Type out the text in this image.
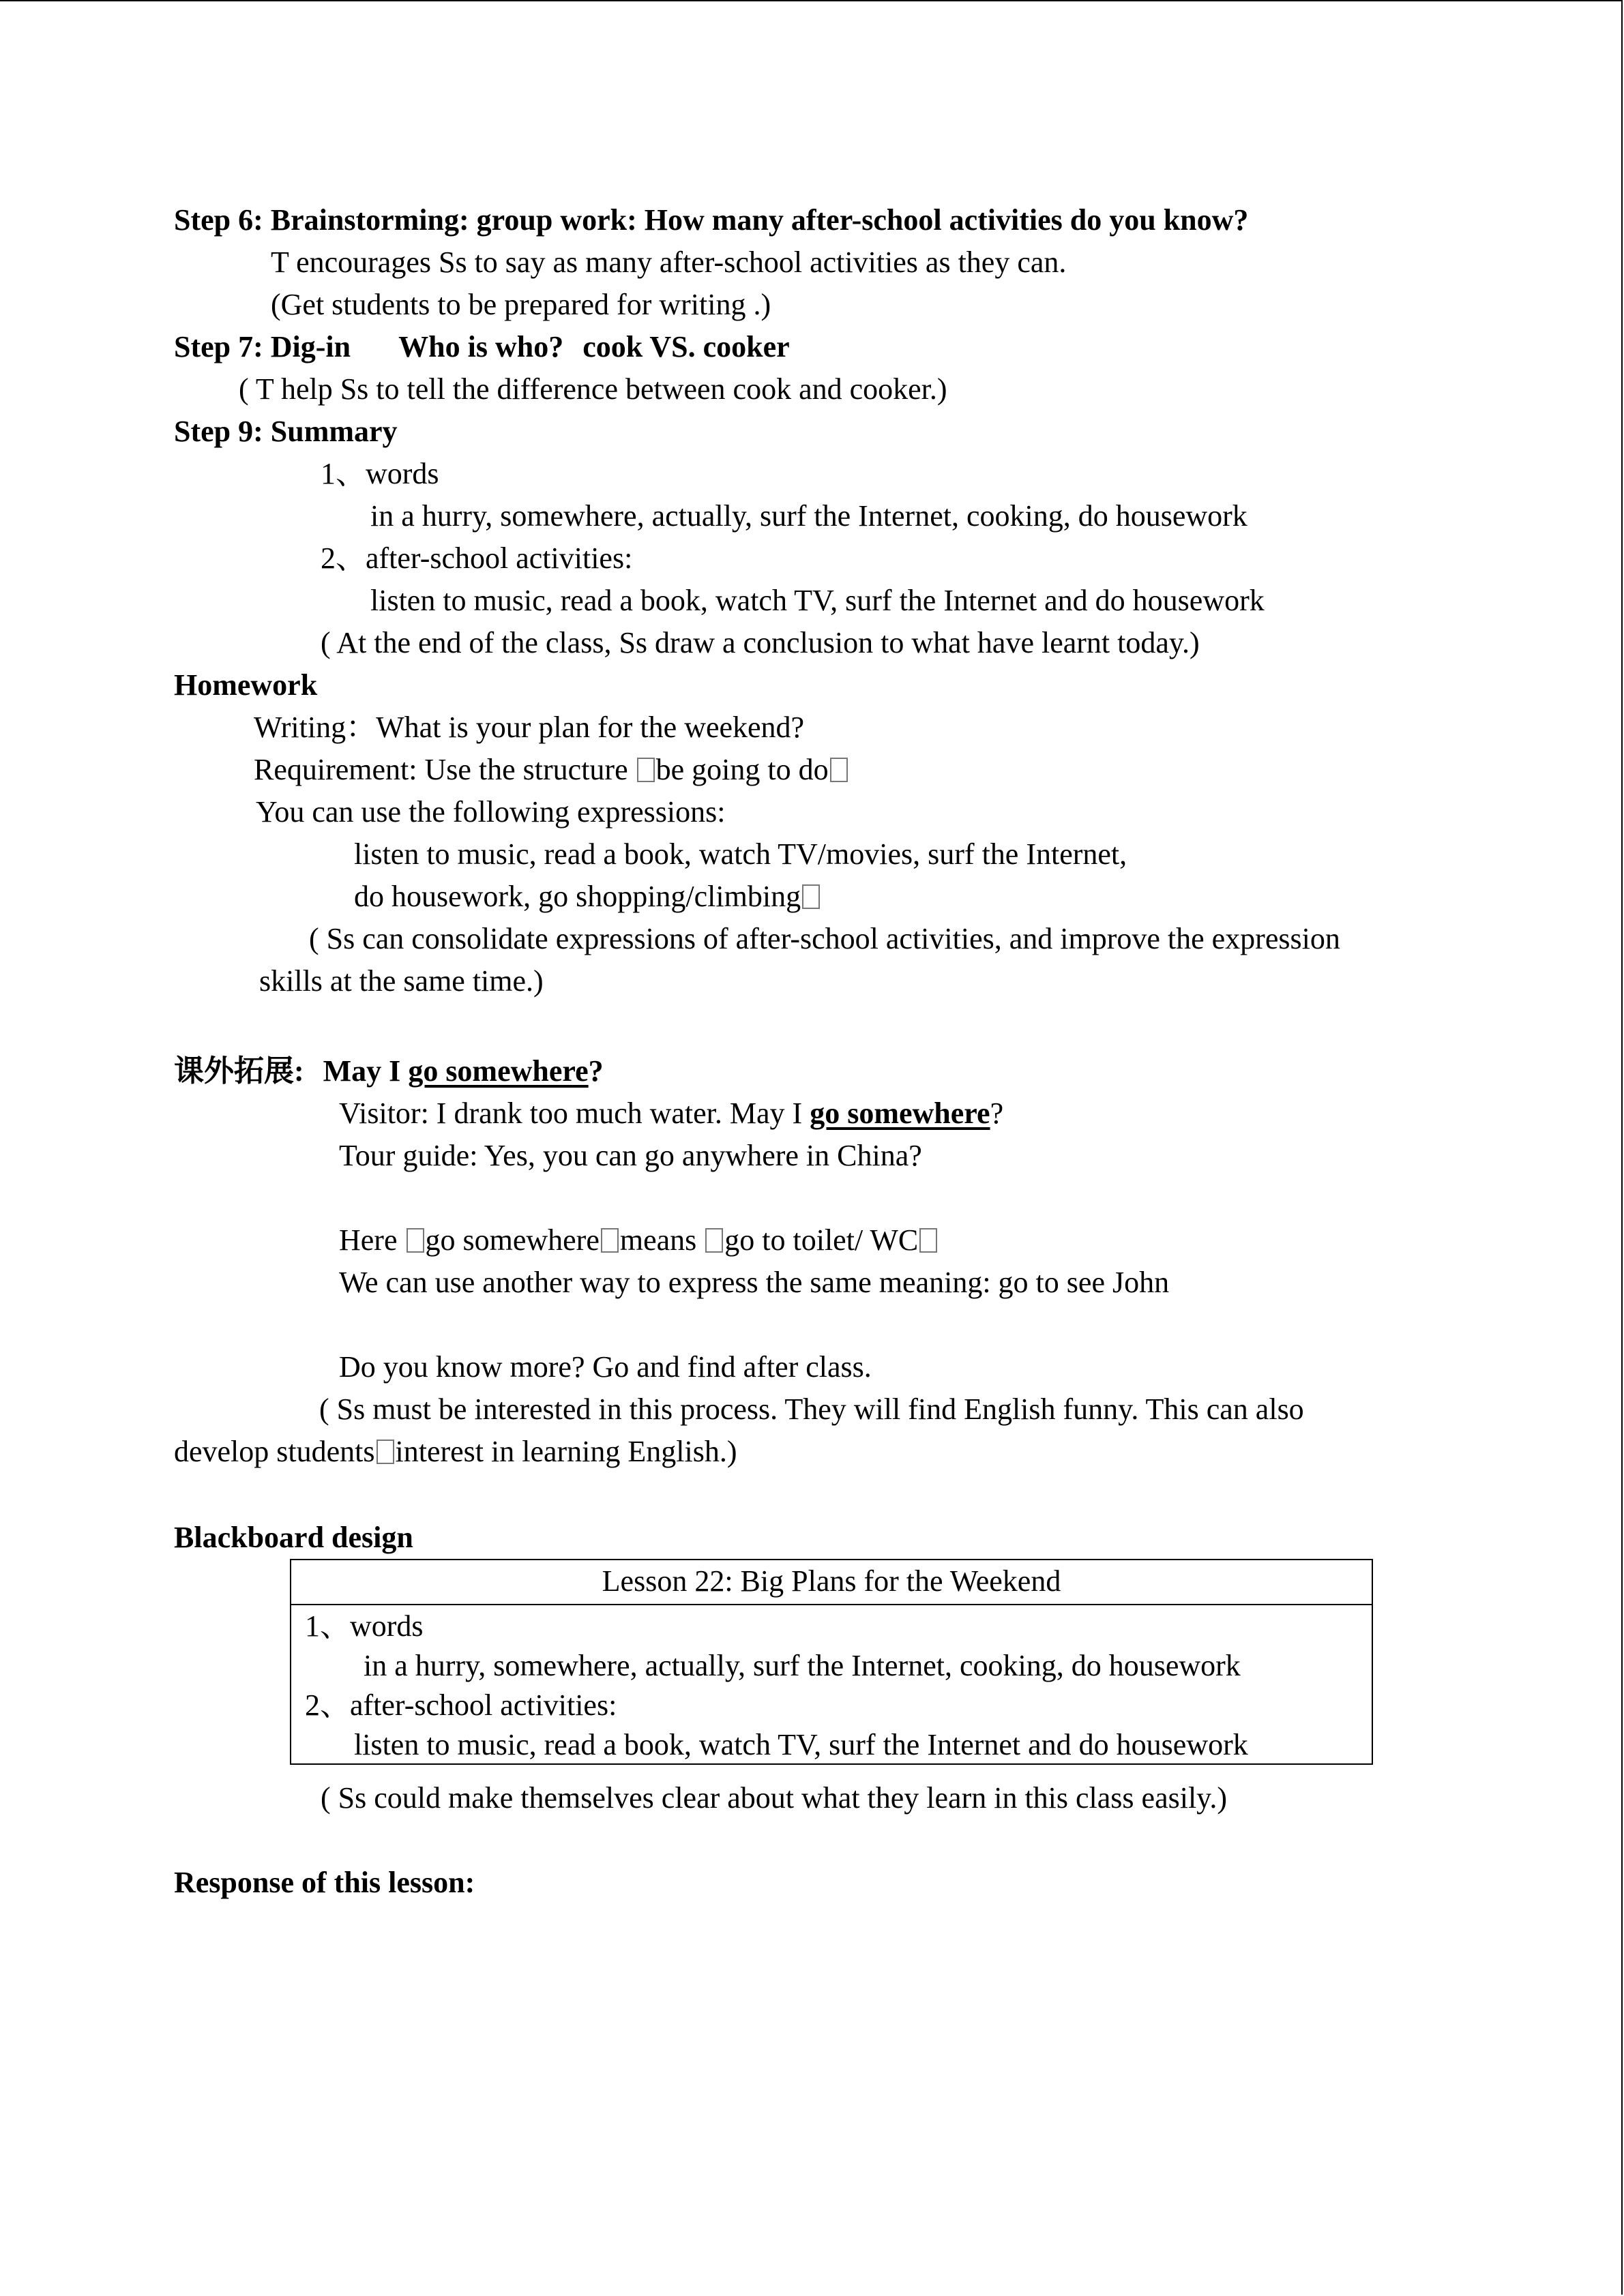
Step 6: Brainstorming: group work: How many after-school activities do you know?
T encourages Ss to say as many after-school activities as they can.
(Get students to be prepared for writing .)
Step 7: Dig-in Who is who? cook VS. cooker
( T help Ss to tell the difference between cook and cooker.)
Step 9: Summary
1、words
in a hurry, somewhere, actually, surf the Internet, cooking, do housework
2、after-school activities:
listen to music, read a book, watch TV, surf the Internet and do housework
( At the end of the class, Ss draw a conclusion to what have learnt today.)
Homework
Writing：What is your plan for the weekend?
Requirement: Use the structure be going to do
You can use the following expressions:
listen to music, read a book, watch TV/movies, surf the Internet,
do housework, go shopping/climbing
( Ss can consolidate expressions of after-school activities, and improve the expression
skills at the same time.)
课外拓展: May I go somewhere?
Visitor: I drank too much water. May I go somewhere?
Tour guide: Yes, you can go anywhere in China?
Here go somewhere means go to toilet/ WC
We can use another way to express the same meaning: go to see John
Do you know more? Go and find after class.
( Ss must be interested in this process. They will find English funny. This can also
develop students interest in learning English.)
Blackboard design
Lesson 22: Big Plans for the Weekend
1、words
in a hurry, somewhere, actually, surf the Internet, cooking, do housework
2、after-school activities:
listen to music, read a book, watch TV, surf the Internet and do housework
( Ss could make themselves clear about what they learn in this class easily.)
Response of this lesson:
